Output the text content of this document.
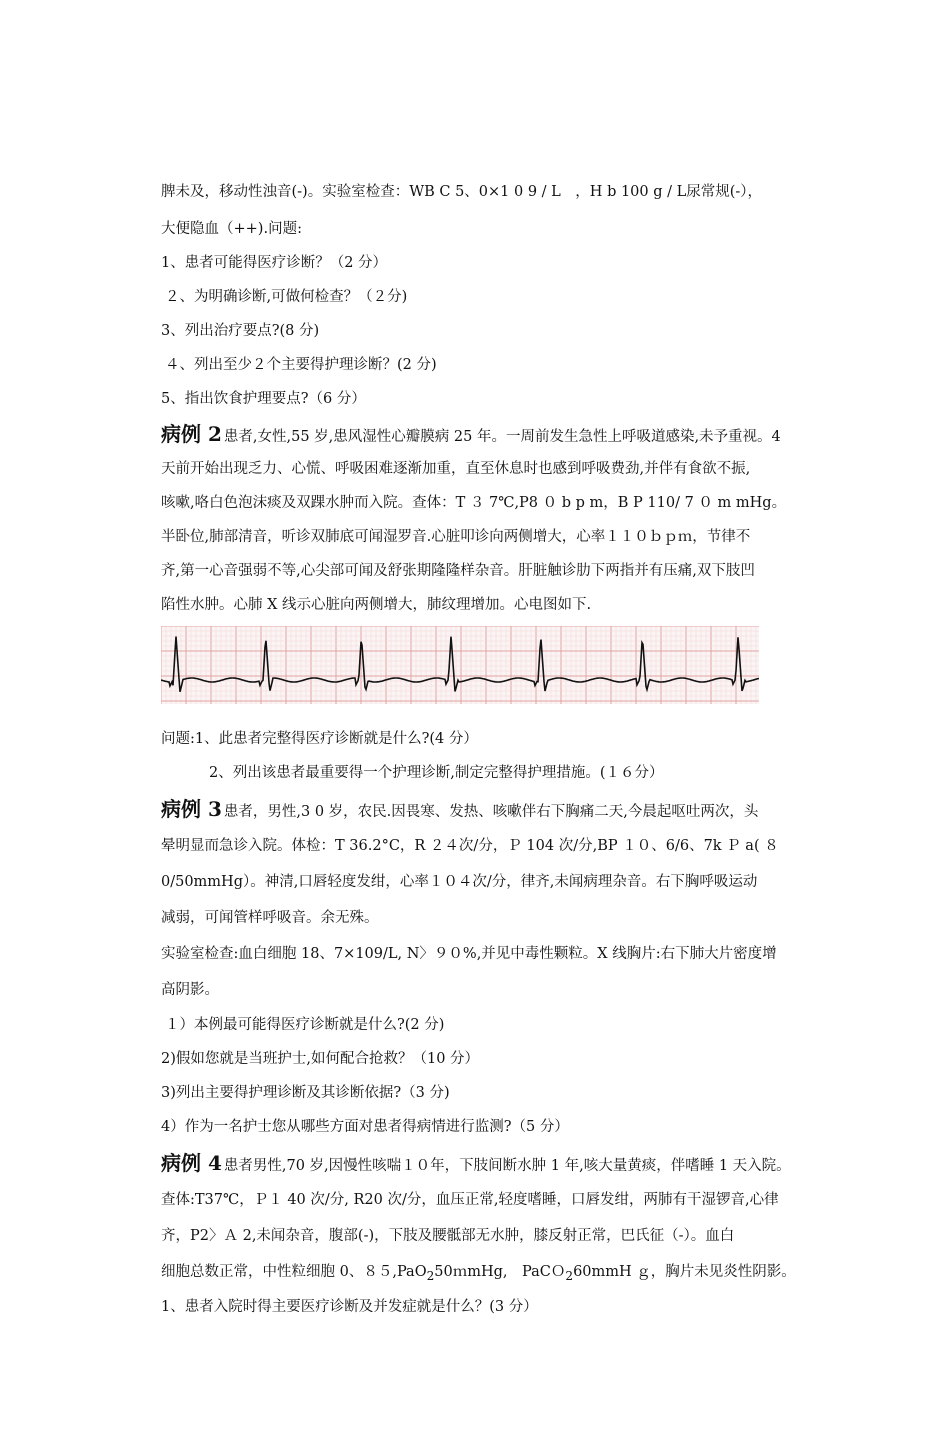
脾未及，移动性浊音(-)。实验室检查：WB C 5、0×1 0 9 / L　，H b 100 g / L尿常规(-），
大便隐血（++).问题:
1、患者可能得医疗诊断？（2 分）
２、为明确诊断,可做何检查？（２分)
3、列出治疗要点?(8 分)
４、列出至少２个主要得护理诊断？(2 分)
5、指出饮食护理要点?（6 分）
病例 2 患者,女性,55 岁,患风湿性心瓣膜病 25 年。一周前发生急性上呼吸道感染,未予重视。4
天前开始出现乏力、心慌、呼吸困难逐渐加重，直至休息时也感到呼吸费劲,并伴有食欲不振,
咳嗽,咯白色泡沫痰及双踝水肿而入院。查体：T ３ 7℃,P8 ０ b p m，B P 110/ 7 ０ m mHg。
半卧位,肺部清音，听诊双肺底可闻湿罗音.心脏叩诊向两侧增大，心率１１０ｂｐｍ，节律不
齐,第一心音强弱不等,心尖部可闻及舒张期隆隆样杂音。肝脏触诊肋下两指并有压痛,双下肢凹
陷性水肿。心肺 X 线示心脏向两侧增大，肺纹理增加。心电图如下.
问题:1、此患者完整得医疗诊断就是什么?(4 分）
2、列出该患者最重要得一个护理诊断,制定完整得护理措施。(１６分）
病例 3 患者，男性,3 0 岁，农民.因畏寒、发热、咳嗽伴右下胸痛二天,今晨起呕吐两次，头
晕明显而急诊入院。体检：T 36.2°C，R ２４次/分，Ｐ 104 次/分,BP １０、6/6、7k Ｐ a( ８
0/50mmHg）。神清,口唇轻度发绀，心率１０４次/分，律齐,未闻病理杂音。右下胸呼吸运动
减弱，可闻管样呼吸音。余无殊。
实验室检查:血白细胞 18、7×109/L, N〉９０%,并见中毒性颗粒。X 线胸片:右下肺大片密度增
高阴影。
１）本例最可能得医疗诊断就是什么?(2 分)
2)假如您就是当班护士,如何配合抢救？（10 分）
3)列出主要得护理诊断及其诊断依据?（3 分)
4）作为一名护士您从哪些方面对患者得病情进行监测?（5 分）
病例 4 患者男性,70 岁,因慢性咳喘１０年，下肢间断水肿 1 年,咳大量黄痰，伴嗜睡 1 天入院。
查体:T37℃，Ｐ１ 40 次/分, R20 次/分，血压正常,轻度嗜睡，口唇发绀，两肺有干湿锣音,心律
齐，P2〉Ａ 2,未闻杂音，腹部(-)，下肢及腰骶部无水肿，膝反射正常，巴氏征（-）。血白
细胞总数正常，中性粒细胞 0、８５,PaO$_2$50ｍmHg,　PaCＯ$_2$60mmH ｇ，胸片未见炎性阴影。
1、患者入院时得主要医疗诊断及并发症就是什么？(3 分）
